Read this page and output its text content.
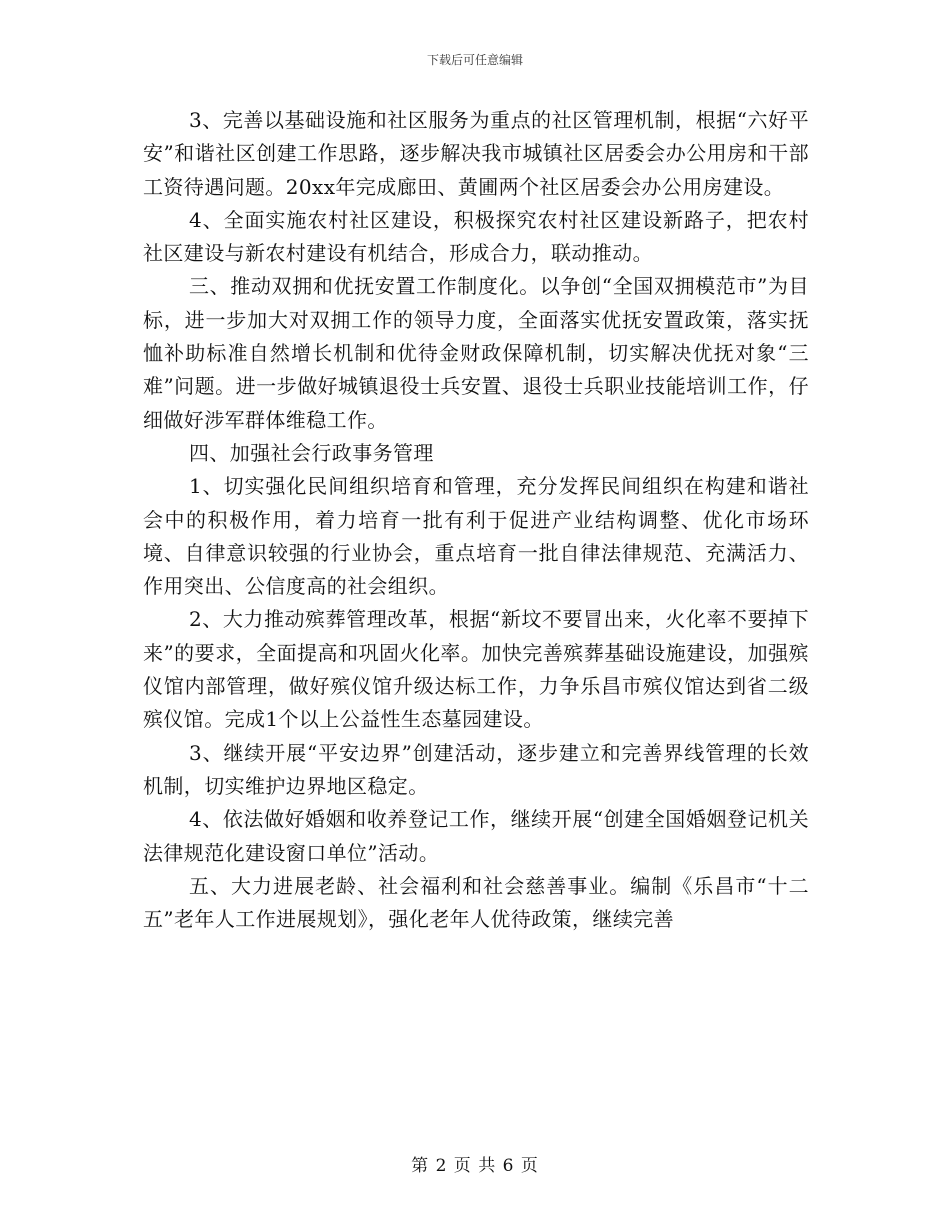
下载后可任意编辑

3、完善以基础设施和社区服务为重点的社区管理机制，根据“六好平安”和谐社区创建工作思路，逐步解决我市城镇社区居委会办公用房和干部工资待遇问题。20xx年完成廊田、黄圃两个社区居委会办公用房建设。

4、全面实施农村社区建设，积极探究农村社区建设新路子，把农村社区建设与新农村建设有机结合，形成合力，联动推动。

三、推动双拥和优抚安置工作制度化。以争创“全国双拥模范市”为目标，进一步加大对双拥工作的领导力度，全面落实优抚安置政策，落实抚恤补助标准自然增长机制和优待金财政保障机制，切实解决优抚对象“三难”问题。进一步做好城镇退役士兵安置、退役士兵职业技能培训工作，仔细做好涉军群体维稳工作。

四、加强社会行政事务管理

1、切实强化民间组织培育和管理，充分发挥民间组织在构建和谐社会中的积极作用，着力培育一批有利于促进产业结构调整、优化市场环境、自律意识较强的行业协会，重点培育一批自律法律规范、充满活力、作用突出、公信度高的社会组织。

2、大力推动殡葬管理改革，根据“新坟不要冒出来，火化率不要掉下来”的要求，全面提高和巩固火化率。加快完善殡葬基础设施建设，加强殡仪馆内部管理，做好殡仪馆升级达标工作，力争乐昌市殡仪馆达到省二级殡仪馆。完成1个以上公益性生态墓园建设。

3、继续开展“平安边界”创建活动，逐步建立和完善界线管理的长效机制，切实维护边界地区稳定。

4、依法做好婚姻和收养登记工作，继续开展“创建全国婚姻登记机关法律规范化建设窗口单位”活动。

五、大力进展老龄、社会福利和社会慈善事业。编制《乐昌市“十二五”老年人工作进展规划》，强化老年人优待政策，继续完善

第 2 页 共 6 页
